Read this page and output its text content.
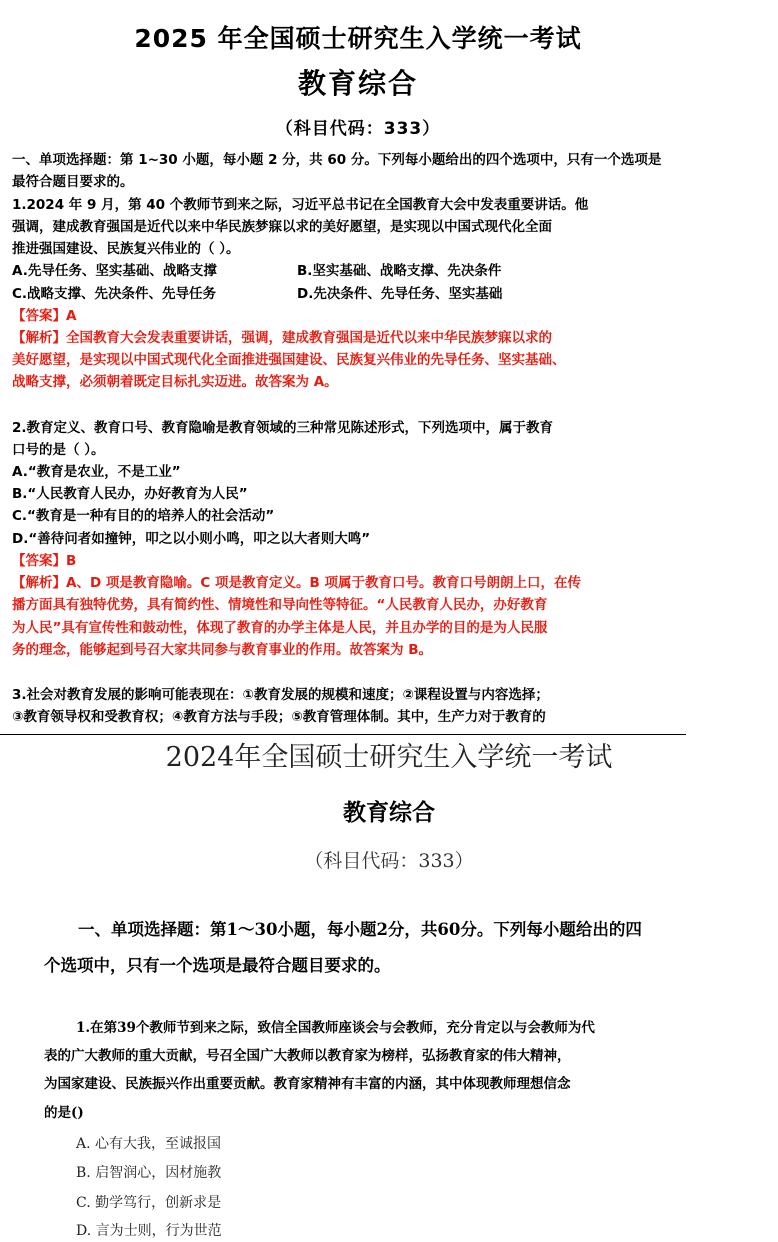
2025 年全国硕士研究生入学统一考试
教育综合
（科目代码：333）
一、单项选择题：第 1~30 小题，每小题 2 分，共 60 分。下列每小题给出的四个选项中，只有一个选项是
最符合题目要求的。
1.2024 年 9 月，第 40 个教师节到来之际，习近平总书记在全国教育大会中发表重要讲话。他
强调，建成教育强国是近代以来中华民族梦寐以求的美好愿望，是实现以中国式现代化全面
推进强国建设、民族复兴伟业的（ ）。
A.先导任务、坚实基础、战略支撑	B.坚实基础、战略支撑、先决条件
C.战略支撑、先决条件、先导任务	D.先决条件、先导任务、坚实基础
【答案】A
【解析】全国教育大会发表重要讲话，强调，建成教育强国是近代以来中华民族梦寐以求的
美好愿望，是实现以中国式现代化全面推进强国建设、民族复兴伟业的先导任务、坚实基础、
战略支撑，必须朝着既定目标扎实迈进。故答案为 A。
2.教育定义、教育口号、教育隐喻是教育领域的三种常见陈述形式，下列选项中，属于教育
口号的是（ ）。
A.“教育是农业，不是工业”
B.“人民教育人民办，办好教育为人民”
C.“教育是一种有目的的培养人的社会活动”
D.“善待问者如撞钟，叩之以小则小鸣，叩之以大者则大鸣”
【答案】B
【解析】A、D 项是教育隐喻。C 项是教育定义。B 项属于教育口号。教育口号朗朗上口，在传
播方面具有独特优势，具有简约性、情境性和导向性等特征。“人民教育人民办，办好教育
为人民”具有宣传性和鼓动性，体现了教育的办学主体是人民，并且办学的目的是为人民服
务的理念，能够起到号召大家共同参与教育事业的作用。故答案为 B。
3.社会对教育发展的影响可能表现在：①教育发展的规模和速度；②课程设置与内容选择；
③教育领导权和受教育权；④教育方法与手段；⑤教育管理体制。其中，生产力对于教育的
2024年全国硕士研究生入学统一考试
教育综合
（科目代码：333）
一、单项选择题：第1～30小题，每小题2分，共60分。下列每小题给出的四
个选项中，只有一个选项是最符合题目要求的。
1.在第39个教师节到来之际，致信全国教师座谈会与会教师，充分肯定以与会教师为代
表的广大教师的重大贡献，号召全国广大教师以教育家为榜样，弘扬教育家的伟大精神，
为国家建设、民族振兴作出重要贡献。教育家精神有丰富的内涵，其中体现教师理想信念
的是()
A. 心有大我，至诚报国
B. 启智润心，因材施教
C. 勤学笃行，创新求是
D. 言为士则，行为世范
